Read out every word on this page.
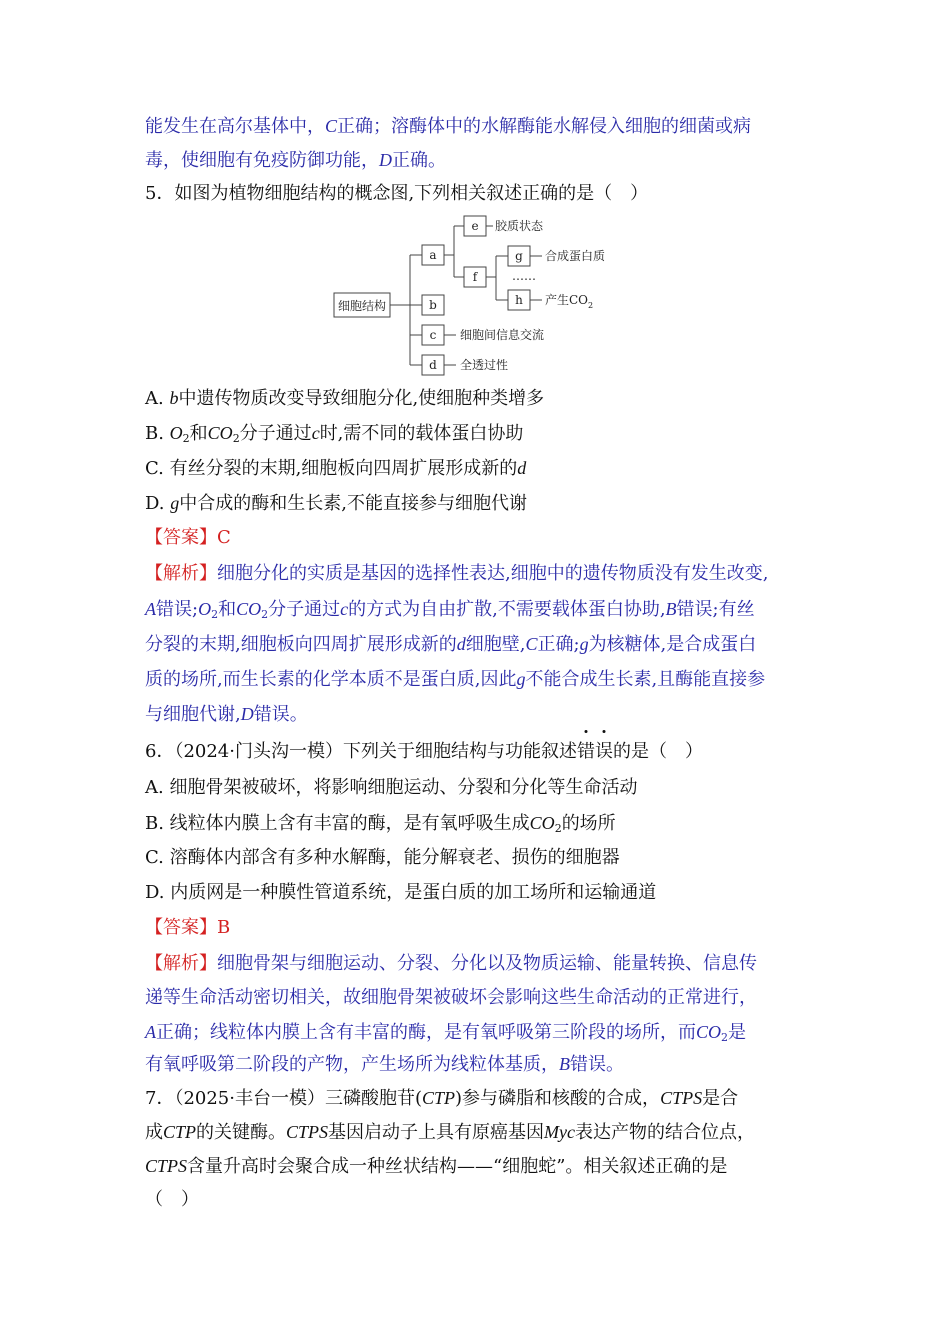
能发生在高尔基体中，C正确；溶酶体中的水解酶能水解侵入细胞的细菌或病
毒，使细胞有免疫防御功能，D正确。
5．如图为植物细胞结构的概念图,下列相关叙述正确的是（　）
细胞结构
a
b
c
d
e
f
g
h
胶质状态
合成蛋白质
……
产生$CO_2$
细胞间信息交流
全透过性
A. b中遗传物质改变导致细胞分化,使细胞种类增多
B. $O_2$和$CO_2$分子通过c时,需不同的载体蛋白协助
C. 有丝分裂的末期,细胞板向四周扩展形成新的d
D. g中合成的酶和生长素,不能直接参与细胞代谢
【答案】C
【解析】细胞分化的实质是基因的选择性表达,细胞中的遗传物质没有发生改变,
A错误$;O_2$和$CO_2$分子通过c的方式为自由扩散,不需要载体蛋白协助,B错误;有丝
分裂的末期,细胞板向四周扩展形成新的d细胞壁,C正确;g为核糖体,是合成蛋白
质的场所,而生长素的化学本质不是蛋白质,因此g不能合成生长素,且酶能直接参
与细胞代谢,D错误。
6．（2024·门头沟一模）下列关于细胞结构与功能叙述
错
误的是（　）
A. 细胞骨架被破坏，将影响细胞运动、分裂和分化等生命活动
B. 线粒体内膜上含有丰富的酶，是有氧呼吸生成$CO_2$的场所
C. 溶酶体内部含有多种水解酶，能分解衰老、损伤的细胞器
D. 内质网是一种膜性管道系统，是蛋白质的加工场所和运输通道
【答案】B
【解析】细胞骨架与细胞运动、分裂、分化以及物质运输、能量转换、信息传
递等生命活动密切相关，故细胞骨架被破坏会影响这些生命活动的正常进行，
A正确；线粒体内膜上含有丰富的酶，是有氧呼吸第三阶段的场所，而$CO_2$是
有氧呼吸第二阶段的产物，产生场所为线粒体基质，B错误。
7．（2025·丰台一模）三磷酸胞苷(CTP)参与磷脂和核酸的合成，CTPS是合
成CTP的关键酶。CTPS基因启动子上具有原癌基因Myc表达产物的结合位点，
CTPS含量升高时会聚合成一种丝状结构——“细胞蛇”。相关叙述正确的是
（　）
